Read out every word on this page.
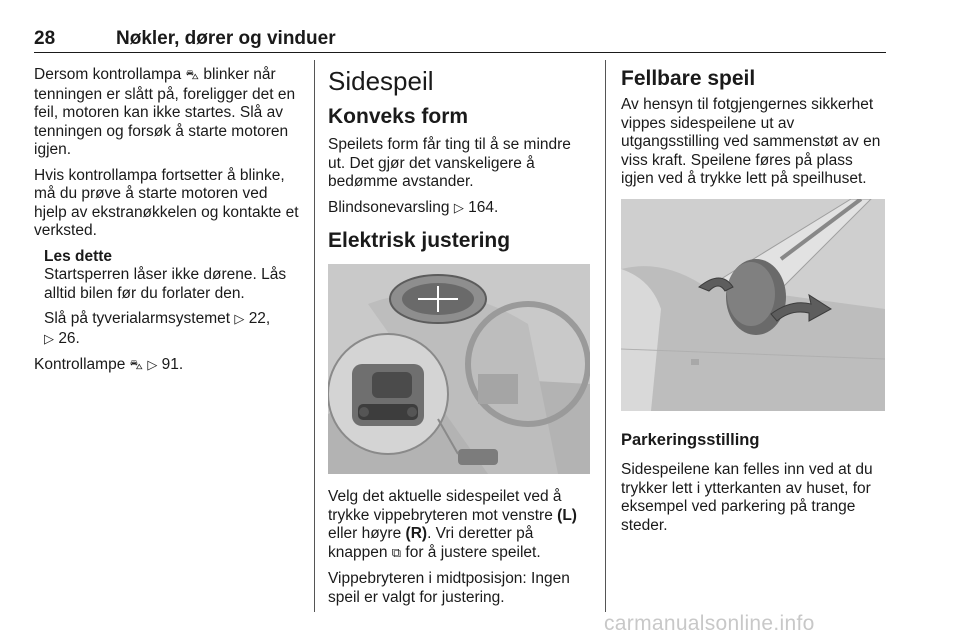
28	Nøkler, dører og vinduer

Dersom kontrollampa ⛍ blinker når tenningen er slått på, foreligger det en feil, motoren kan ikke startes. Slå av tenningen og forsøk å starte motoren igjen.

Hvis kontrollampa fortsetter å blinke, må du prøve å starte motoren ved hjelp av ekstranøkkelen og kontakte et verksted.

Les dette

Startsperren låser ikke dørene. Lås alltid bilen før du forlater den.

Slå på tyverialarmsystemet ▷ 22,
▷ 26.

Kontrollampe ⛍ ▷ 91.

Sidespeil
Konveks form

Speilets form får ting til å se mindre ut. Det gjør det vanskeligere å bedømme avstander.

Blindsonevarsling ▷ 164.

Elektrisk justering

Velg det aktuelle sidespeilet ved å trykke vippebryteren mot venstre (L) eller høyre (R). Vri deretter på knappen ⧉ for å justere speilet.

Vippebryteren i midtposisjon: Ingen speil er valgt for justering.

Fellbare speil

Av hensyn til fotgjengernes sikkerhet vippes sidespeilene ut av utgangsstilling ved sammenstøt av en viss kraft. Speilene føres på plass igjen ved å trykke lett på speilhuset.

Parkeringsstilling

Sidespeilene kan felles inn ved at du trykker lett i ytterkanten av huset, for eksempel ved parkering på trange steder.

carmanualsonline.info
